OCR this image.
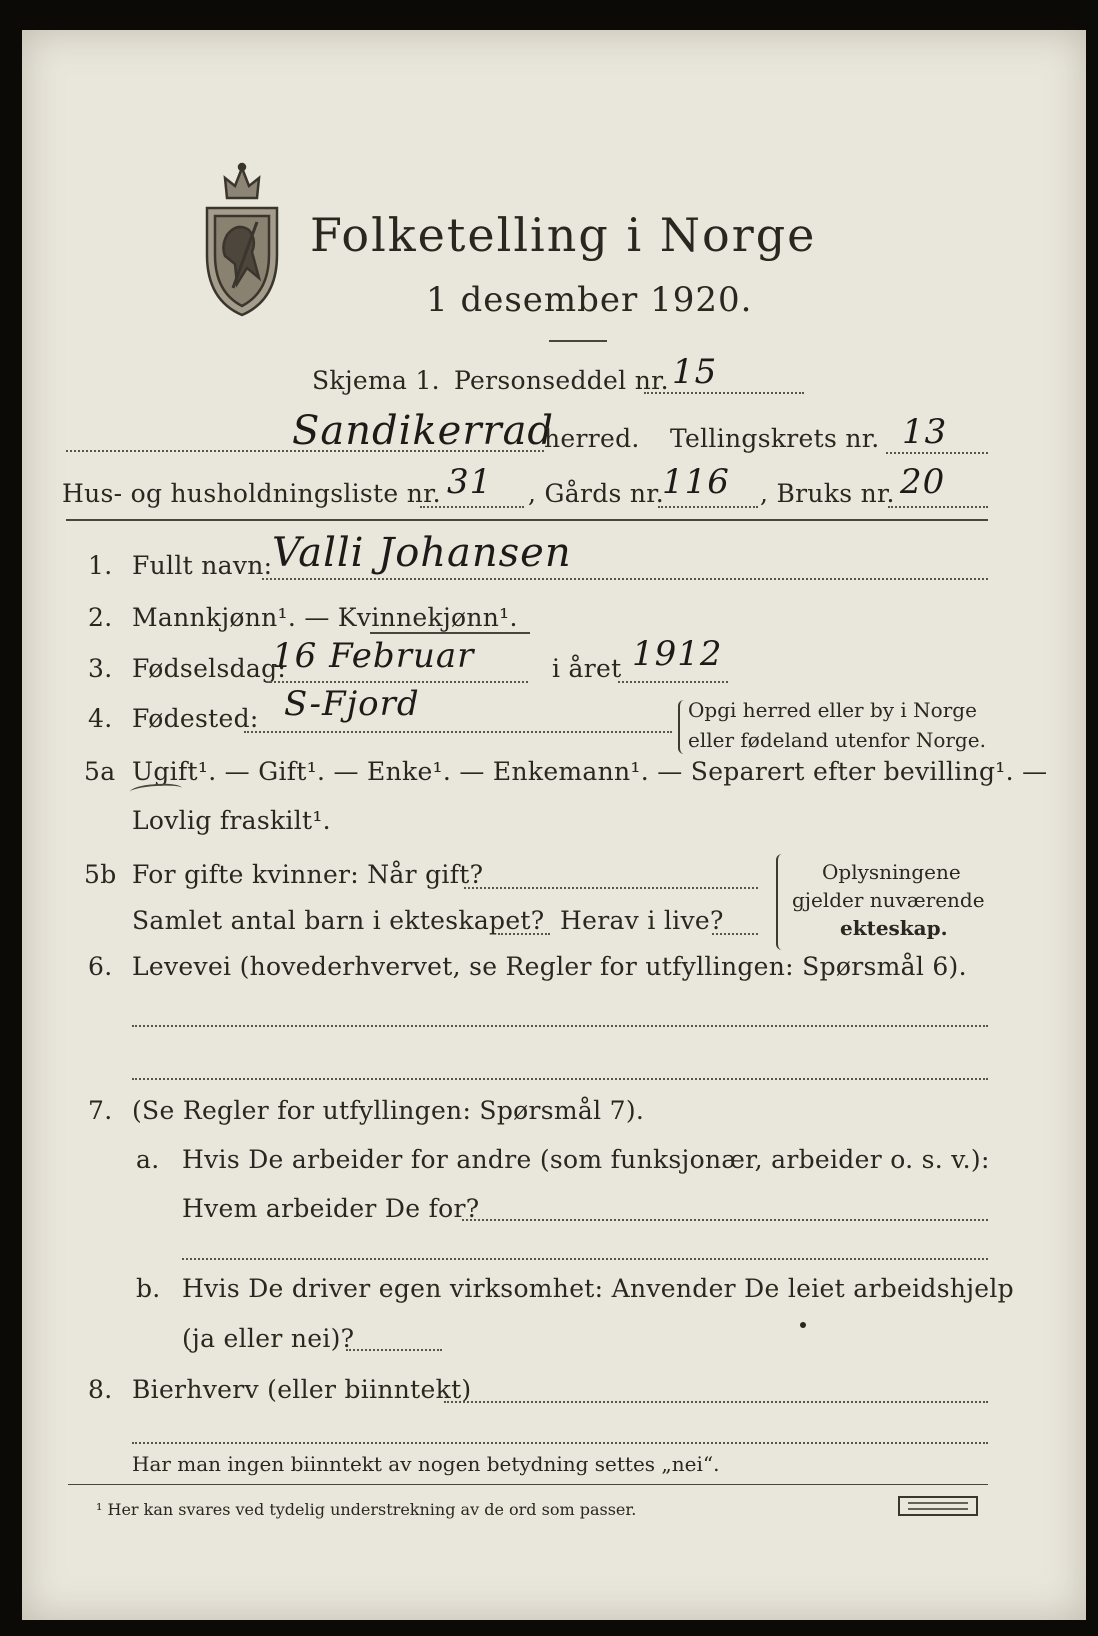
Folketelling i Norge
1 desember 1920.
Skjema 1. Personseddel nr. 15
Sandikerrad
herred. Tellingskrets nr. 13
Hus- og husholdningsliste nr. 31 , Gårds nr.
116 , Bruks nr. 20
1. Fullt navn: Valli Johansen
2. Mannkjønn¹. — Kvinnekjønn¹.
3. Fødselsdag:
16 Februar	i året 1912
4. Fødested: S-Fjord	Opgi herred eller by i Norge
eller fødeland utenfor Norge.
5a Ugift¹. — Gift¹. — Enke¹. — Enkemann¹. — Separert efter bevilling¹. —
Lovlig fraskilt¹.
5b For gifte kvinner: Når gift?
Samlet antal barn i ekteskapet? Herav i live?
Oplysningene
gjelder nuværende
ekteskap.
6. Levevei (hovederhvervet, se Regler for utfyllingen: Spørsmål 6).
7. (Se Regler for utfyllingen: Spørsmål 7).
a. Hvis De arbeider for andre (som funksjonær, arbeider o. s. v.):
Hvem arbeider De for?
b. Hvis De driver egen virksomhet: Anvender De leiet arbeidshjelp
(ja eller nei)?
8. Bierhverv (eller biinntekt)
Har man ingen biinntekt av nogen betydning settes „nei“.
¹ Her kan svares ved tydelig understrekning av de ord som passer.
